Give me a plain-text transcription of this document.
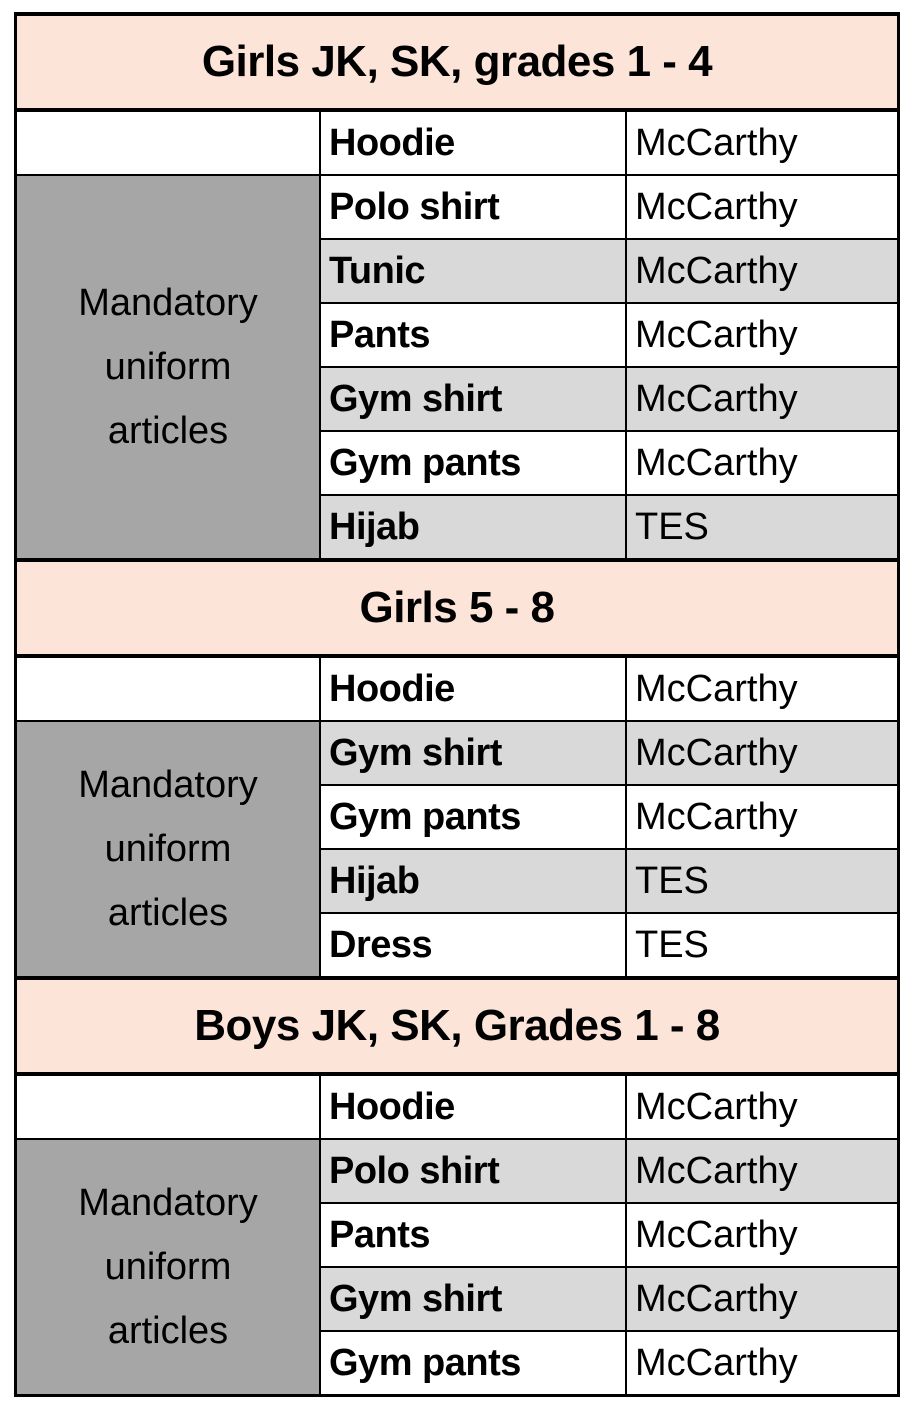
Girls JK, SK, grades 1 - 4		
	Hoodie	McCarthy
Mandatory
uniform
articles	Polo shirt	McCarthy
	Tunic	McCarthy
	Pants	McCarthy
	Gym shirt	McCarthy
	Gym pants	McCarthy
	Hijab	TES
Girls 5 - 8		
	Hoodie	McCarthy
Mandatory
uniform
articles	Gym shirt	McCarthy
	Gym pants	McCarthy
	Hijab	TES
	Dress	TES
Boys JK, SK, Grades 1 - 8		
	Hoodie	McCarthy
Mandatory
uniform
articles	Polo shirt	McCarthy
	Pants	McCarthy
	Gym shirt	McCarthy
	Gym pants	McCarthy
